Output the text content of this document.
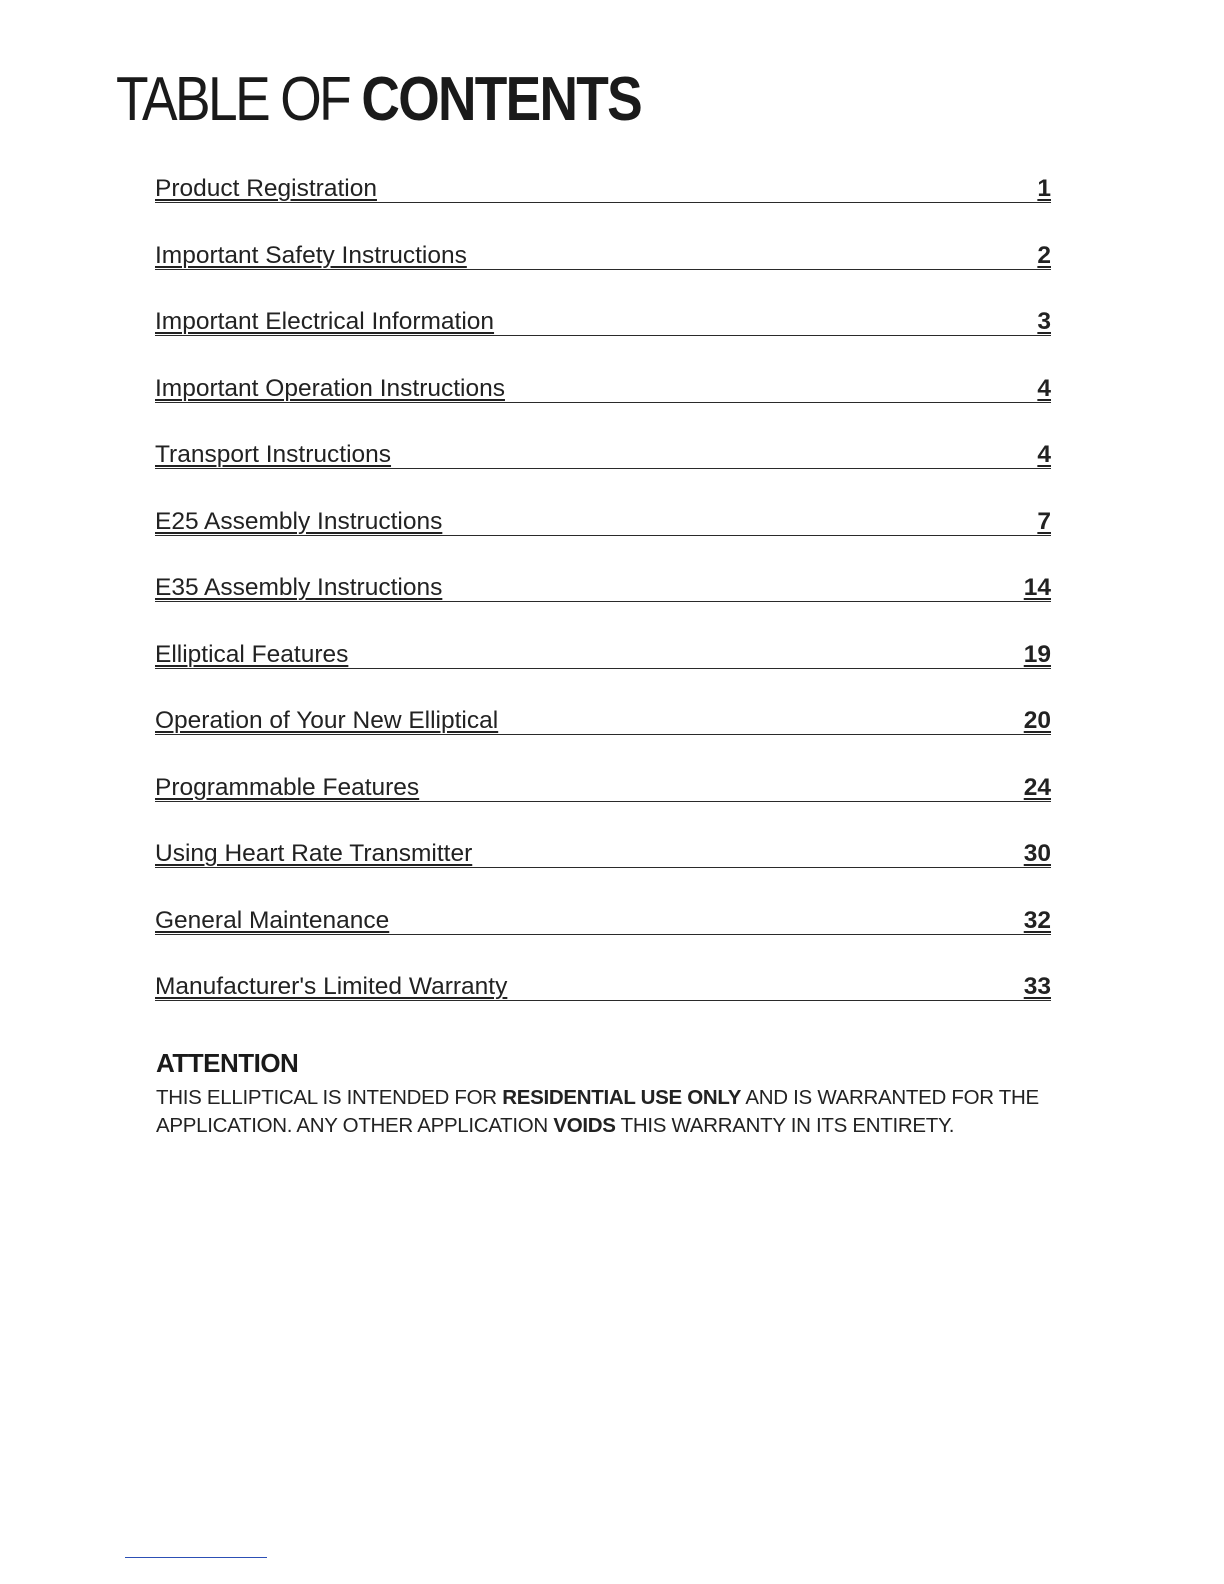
TABLE OF CONTENTS
Product Registration	1
Important Safety Instructions	2
Important Electrical Information	3
Important Operation Instructions	4
Transport Instructions	4
E25 Assembly Instructions	7
E35 Assembly Instructions	14
Elliptical Features	19
Operation of Your New Elliptical	20
Programmable Features	24
Using Heart Rate Transmitter	30
General Maintenance	32
Manufacturer's Limited Warranty	33

ATTENTION

THIS ELLIPTICAL IS INTENDED FOR RESIDENTIAL USE ONLY AND IS WARRANTED FOR THE APPLICATION. ANY OTHER APPLICATION VOIDS THIS WARRANTY IN ITS ENTIRETY.
